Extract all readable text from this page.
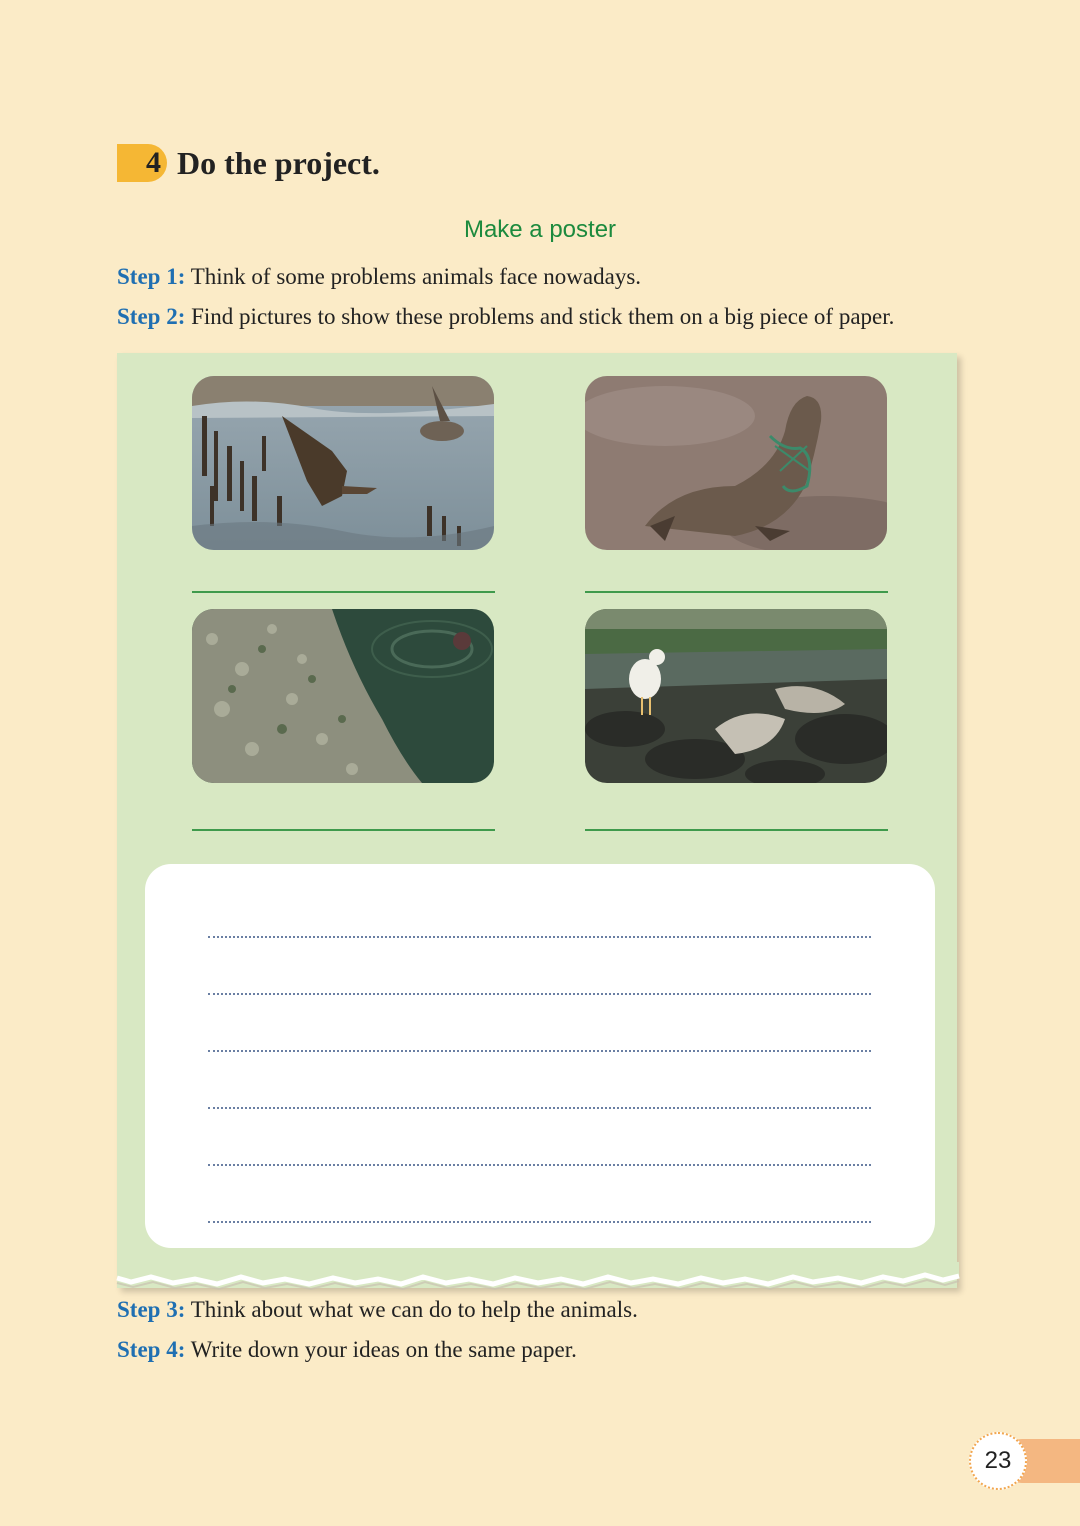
4 Do the project.
Make a poster
Step 1: Think of some problems animals face nowadays.
Step 2: Find pictures to show these problems and stick them on a big piece of paper.
Step 3: Think about what we can do to help the animals.
Step 4: Write down your ideas on the same paper.
23
